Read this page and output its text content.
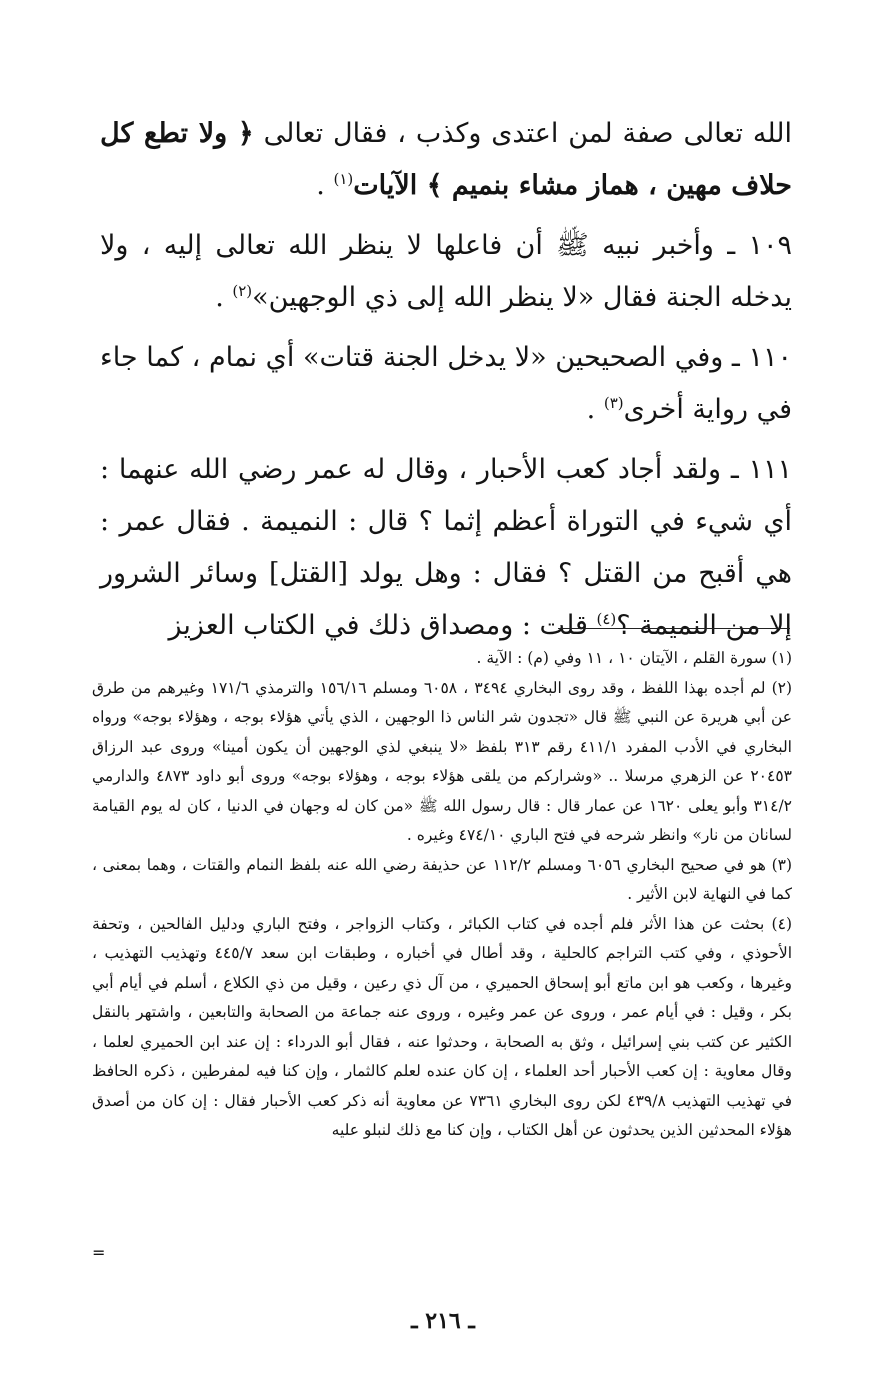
الله تعالى صفة لمن اعتدى وكذب ، فقال تعالى ﴿ ولا تطع كل حلاف مهين ، هماز مشاء بنميم ﴾ الآيات$^{(١)}$ .

١٠٩ ـ وأخبر نبيه ﷺ أن فاعلها لا ينظر الله تعالى إليه ، ولا يدخله الجنة فقال «لا ينظر الله إلى ذي الوجهين»$^{(٢)}$ .

١١٠ ـ وفي الصحيحين «لا يدخل الجنة قتات» أي نمام ، كما جاء في رواية أخرى$^{(٣)}$ .

١١١ ـ ولقد أجاد كعب الأحبار ، وقال له عمر رضي الله عنهما : أي شيء في التوراة أعظم إثما ؟ قال : النميمة . فقال عمر : هي أقبح من القتل ؟ فقال : وهل يولد [القتل] وسائر الشرور إلا من النميمة ؟$^{(٤)}$ قلت : ومصداق ذلك في الكتاب العزيز

(١) سورة القلم ، الآيتان ١٠ ، ١١ وفي (م) : الآية .

(٢) لم أجده بهذا اللفظ ، وقد روى البخاري ٣٤٩٤ ، ٦٠٥٨ ومسلم ١٥٦/١٦ والترمذي ١٧١/٦ وغيرهم من طرق عن أبي هريرة عن النبي ﷺ قال «تجدون شر الناس ذا الوجهين ، الذي يأتي هؤلاء بوجه ، وهؤلاء بوجه» ورواه البخاري في الأدب المفرد ٤١١/١ رقم ٣١٣ بلفظ «لا ينبغي لذي الوجهين أن يكون أمينا» وروى عبد الرزاق ٢٠٤٥٣ عن الزهري مرسلا .. «وشراركم من يلقى هؤلاء بوجه ، وهؤلاء بوجه» وروى أبو داود ٤٨٧٣ والدارمي ٣١٤/٢ وأبو يعلى ١٦٢٠ عن عمار قال : قال رسول الله ﷺ «من كان له وجهان في الدنيا ، كان له يوم القيامة لسانان من نار» وانظر شرحه في فتح الباري ٤٧٤/١٠ وغيره .

(٣) هو في صحيح البخاري ٦٠٥٦ ومسلم ١١٢/٢ عن حذيفة رضي الله عنه بلفظ النمام والقتات ، وهما بمعنى ، كما في النهاية لابن الأثير .

(٤) بحثت عن هذا الأثر فلم أجده في كتاب الكبائر ، وكتاب الزواجر ، وفتح الباري ودليل الفالحين ، وتحفة الأحوذي ، وفي كتب التراجم كالحلية ، وقد أطال في أخباره ، وطبقات ابن سعد ٤٤٥/٧ وتهذيب التهذيب ، وغيرها ، وكعب هو ابن ماتع أبو إسحاق الحميري ، من آل ذي رعين ، وقيل من ذي الكلاع ، أسلم في أيام أبي بكر ، وقيل : في أيام عمر ، وروى عن عمر وغيره ، وروى عنه جماعة من الصحابة والتابعين ، واشتهر بالنقل الكثير عن كتب بني إسرائيل ، وثق به الصحابة ، وحدثوا عنه ، فقال أبو الدرداء : إن عند ابن الحميري لعلما ، وقال معاوية : إن كعب الأحبار أحد العلماء ، إن كان عنده لعلم كالثمار ، وإن كنا فيه لمفرطين ، ذكره الحافظ في تهذيب التهذيب ٤٣٩/٨ لكن روى البخاري ٧٣٦١ عن معاوية أنه ذكر كعب الأحبار فقال : إن كان من أصدق هؤلاء المحدثين الذين يحدثون عن أهل الكتاب ، وإن كنا مع ذلك لنبلو عليه

=
ـ ٢١٦ ـ
